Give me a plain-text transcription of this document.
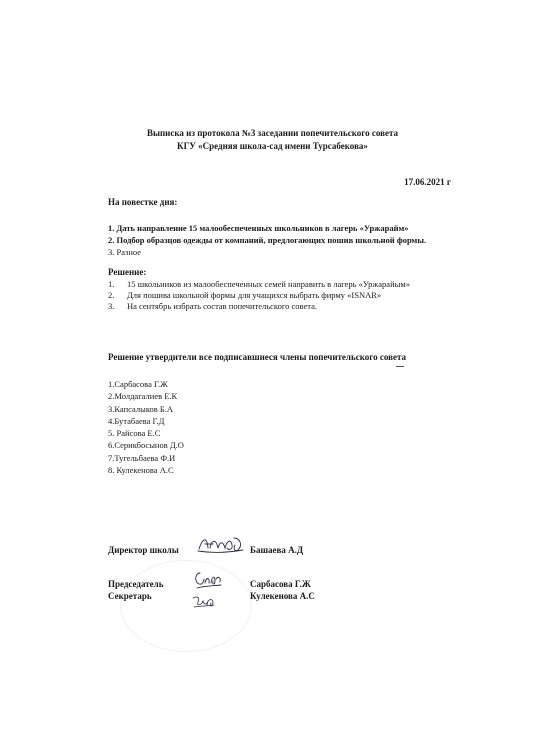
Выписка из протокола №3 заседании попечительского совета
КГУ «Средняя школа-сад имени Турсабекова»
17.06.2021 г
На повестке дня:
1. Дать направление 15 малообеспеченных школьников в лагерь «Уржарайм»
2. Подбор образцов одежды от компаний, предлогающих пошив школьной формы.
3. Разное
Решение:
1.	15 школьников из малообеспеченных семей направить в лагерь «Уржарайым»
2.	Для пошива школьной формы для учащихся выбрать фирму «ISNAR»
3.	На сентябрь избрать состав попечительского совета.
Решение утвердители все подписавшиеся члены попечительского совета
1.Сарбасова Г.Ж
2.Молдагалиев Е.К
3.Капсалыков Б.А
4.Бутабаева Г.Д
5. Райсова Е.С
6.Серикбосынов Д.О
7.Тугельбаева Ф.И
8. Кулекенова А.С
Директор школы	Башаева А.Д
Председатель	Сарбасова Г.Ж
Секретарь	Кулекенова А.С
